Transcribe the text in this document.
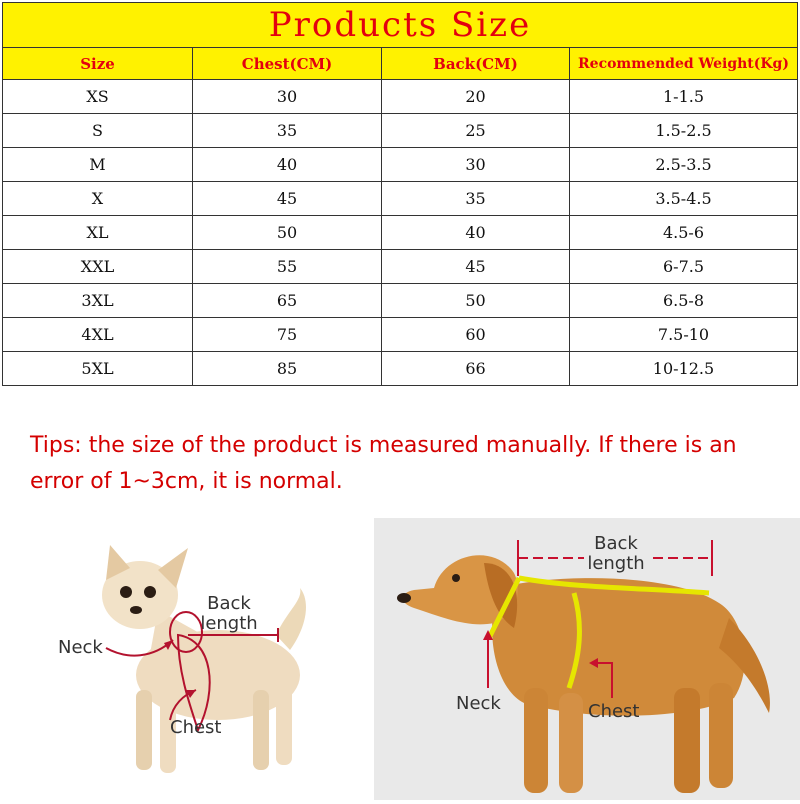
Products Size			
Size	Chest(CM)	Back(CM)	Recommended Weight(Kg)
XS	30	20	1-1.5
S	35	25	1.5-2.5
M	40	30	2.5-3.5
X	45	35	3.5-4.5
XL	50	40	4.5-6
XXL	55	45	6-7.5
3XL	65	50	6.5-8
4XL	75	60	7.5-10
5XL	85	66	10-12.5
Tips: the size of the product is measured manually. If there is an
error of 1~3cm, it is normal.
Neck
Back
length
Chest
Back
length
Neck	Chest
